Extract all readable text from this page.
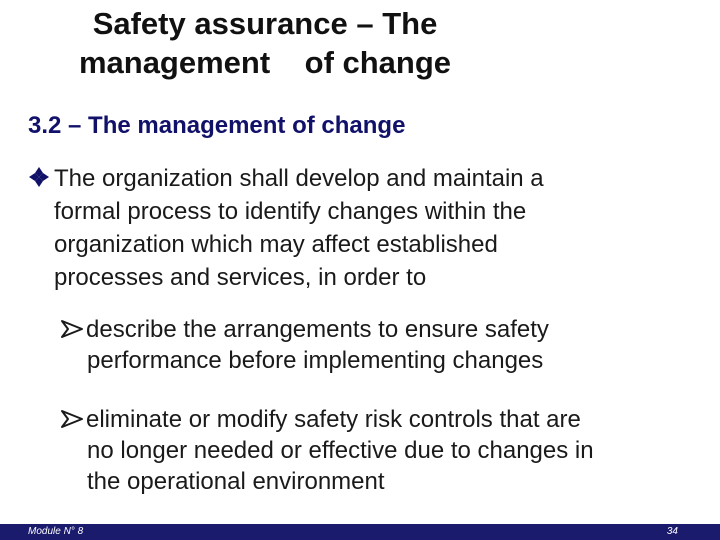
Safety assurance – The
management    of change
3.2 – The management of change
The organization shall develop and maintain a
formal process to identify changes within the
organization which may affect established
processes and services, in order to
describe the arrangements to ensure safety
performance before implementing changes
eliminate or modify safety risk controls that are
no longer needed or effective due to changes in
the operational environment
Module N° 8	34
